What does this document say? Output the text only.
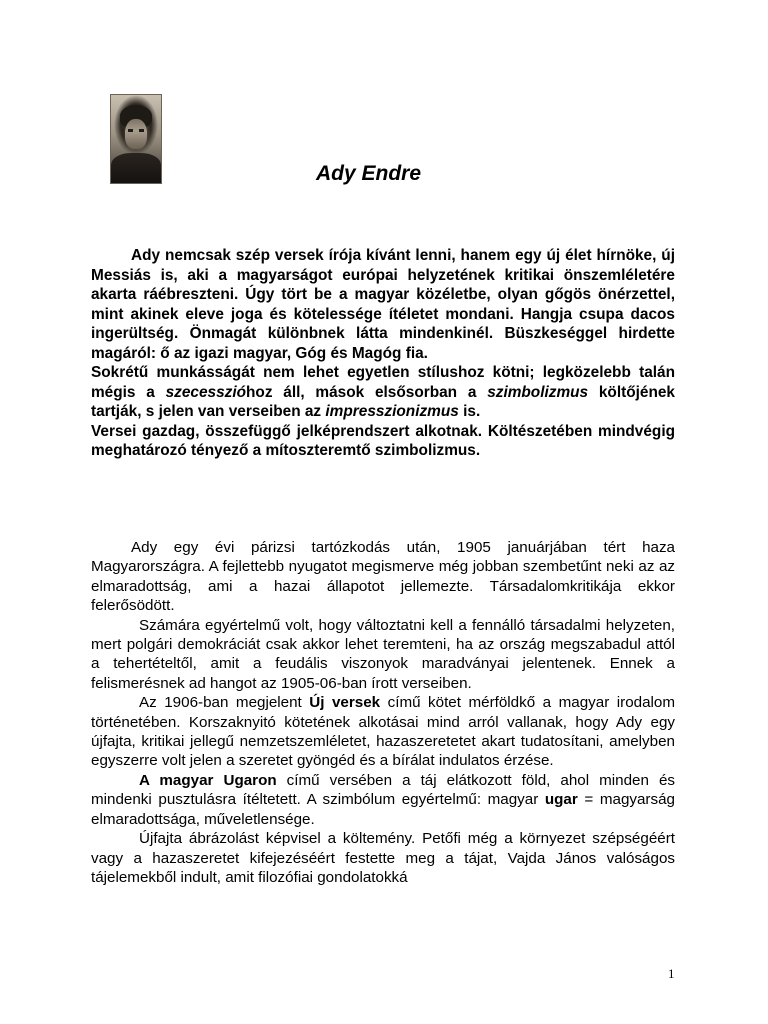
Ady Endre

Ady nemcsak szép versek írója kívánt lenni, hanem egy új élet hírnöke, új Messiás is, aki a magyarságot európai helyzetének kritikai önszemléletére akarta ráébreszteni. Úgy tört be a magyar közéletbe, olyan gőgös önérzettel, mint akinek eleve joga és kötelessége ítéletet mondani. Hangja csupa dacos ingerültség. Önmagát különbnek látta mindenkinél. Büszkeséggel hirdette magáról: ő az igazi magyar, Góg és Magóg fia.

Sokrétű munkásságát nem lehet egyetlen stílushoz kötni; legközelebb talán mégis a szecesszióhoz áll, mások elsősorban a szimbolizmus költőjének tartják, s jelen van verseiben az impresszionizmus is.

Versei gazdag, összefüggő jelképrendszert alkotnak. Költészetében mindvégig meghatározó tényező a mítoszteremtő szimbolizmus.

Ady egy évi párizsi tartózkodás után, 1905 januárjában tért haza Magyarországra. A fejlettebb nyugatot megismerve még jobban szembetűnt neki az az elmaradottság, ami a hazai állapotot jellemezte. Társadalomkritikája ekkor felerősödött.

Számára egyértelmű volt, hogy változtatni kell a fennálló társadalmi helyzeten, mert polgári demokráciát csak akkor lehet teremteni, ha az ország megszabadul attól a tehertételtől, amit a feudális viszonyok maradványai jelentenek. Ennek a felismerésnek ad hangot az 1905-06-ban írott verseiben.

Az 1906-ban megjelent Új versek című kötet mérföldkő a magyar irodalom történetében. Korszaknyitó kötetének alkotásai mind arról vallanak, hogy Ady egy újfajta, kritikai jellegű nemzetszemléletet, hazaszeretetet akart tudatosítani, amelyben egyszerre volt jelen a szeretet gyöngéd és a bírálat indulatos érzése.

A magyar Ugaron című versében a táj elátkozott föld, ahol minden és mindenki pusztulásra ítéltetett. A szimbólum egyértelmű: magyar ugar = magyarság elmaradottsága, műveletlensége.

Újfajta ábrázolást képvisel a költemény. Petőfi még a környezet szépségéért vagy a hazaszeretet kifejezéséért festette meg a tájat, Vajda János valóságos tájelemekből indult, amit filozófiai gondolatokká

1
